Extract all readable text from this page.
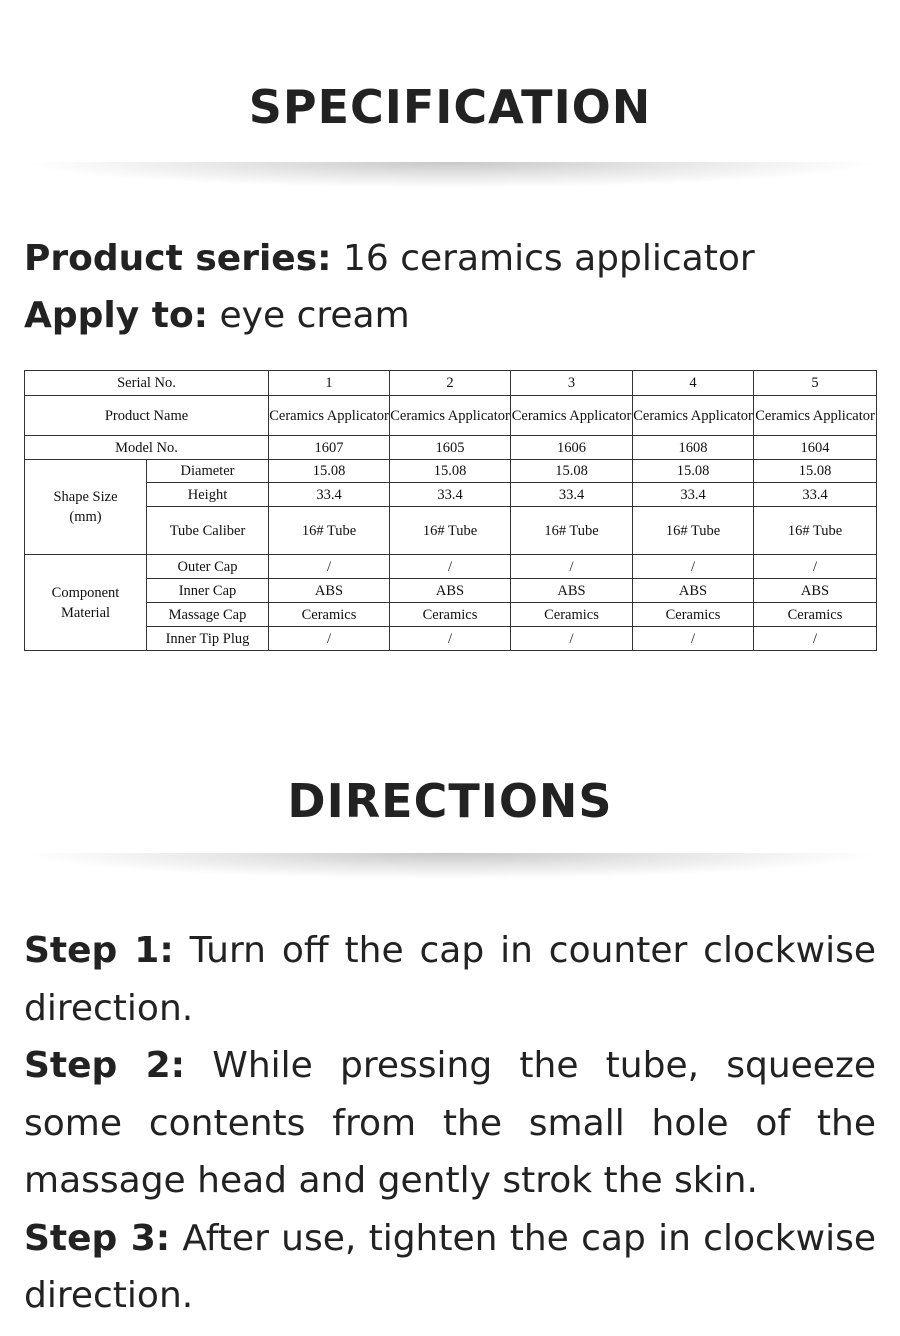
SPECIFICATION
Product series: 16 ceramics applicator
Apply to: eye cream
Serial No.		1	2	3	4	5
Product Name		Ceramics Applicator	Ceramics Applicator	Ceramics Applicator	Ceramics Applicator	Ceramics Applicator
Model No.		1607	1605	1606	1608	1604
Shape Size (mm)	Diameter	15.08	15.08	15.08	15.08	15.08
	Height	33.4	33.4	33.4	33.4	33.4
	Tube Caliber	16# Tube	16# Tube	16# Tube	16# Tube	16# Tube
Component Material	Outer Cap	/	/	/	/	/
	Inner Cap	ABS	ABS	ABS	ABS	ABS
	Massage Cap	Ceramics	Ceramics	Ceramics	Ceramics	Ceramics
	Inner Tip Plug	/	/	/	/	/
DIRECTIONS

Step 1: Turn off the cap in counter clockwise direction.

Step 2: While pressing the tube, squeeze some contents from the small hole of the massage head and gently strok the skin.

Step 3: After use, tighten the cap in clockwise direction.
